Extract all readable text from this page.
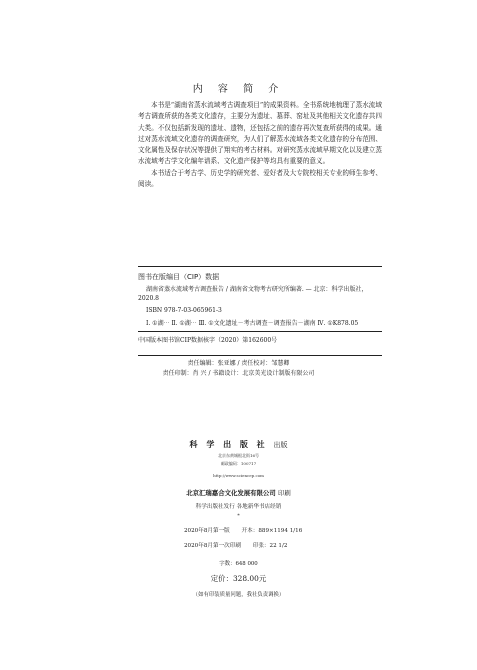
内 容 简 介

本书是“湖南省蒸水流域考古调查项目”的成果资料。全书系统地梳理了蒸水流域考古调查所获的各类文化遗存，主要分为遗址、墓葬、窑址及其他相关文化遗存共四大类。不仅包括新发现的遗址、遗物，还包括之前的遗存再次复查所获得的成果。通过对蒸水流域文化遗存的调查研究，为人们了解蒸水流域各类文化遗存的分布范围、文化属性及保存状况等提供了翔实的考古材料。对研究蒸水流域早期文化以及建立蒸水流域考古学文化编年谱系、文化遗产保护等均具有重要的意义。

本书适合于考古学、历史学的研究者、爱好者及大专院校相关专业的师生参考、阅读。

图书在版编目（CIP）数据

湖南省蒸水流域考古调查报告 / 湖南省文物考古研究所编著. — 北京：科学出版社，2020.8

ISBN 978-7-03-065961-3

Ⅰ. ①湖⋯ Ⅱ. ①湖⋯ Ⅲ. ①文化遗址－考古调查－调查报告－湖南 Ⅳ. ①K878.05

中国版本图书馆CIP数据核字（2020）第162600号
责任编辑：张亚娜 / 责任校对：邹慧卿
责任印制：肖 兴 / 书籍设计：北京美光设计制版有限公司
科 学 出 版 社 出版
北京东黄城根北街16号
邮政编码：100717
http://www.sciencep.com
北京汇瑞嘉合文化发展有限公司 印刷
科学出版社发行 各地新华书店经销
*
2020年8月第一版 开本：889×1194 1/16
2020年8月第一次印刷 印张：22 1/2
字数：648 000
定价：328.00元
（如有印装质量问题，我社负责调换）
